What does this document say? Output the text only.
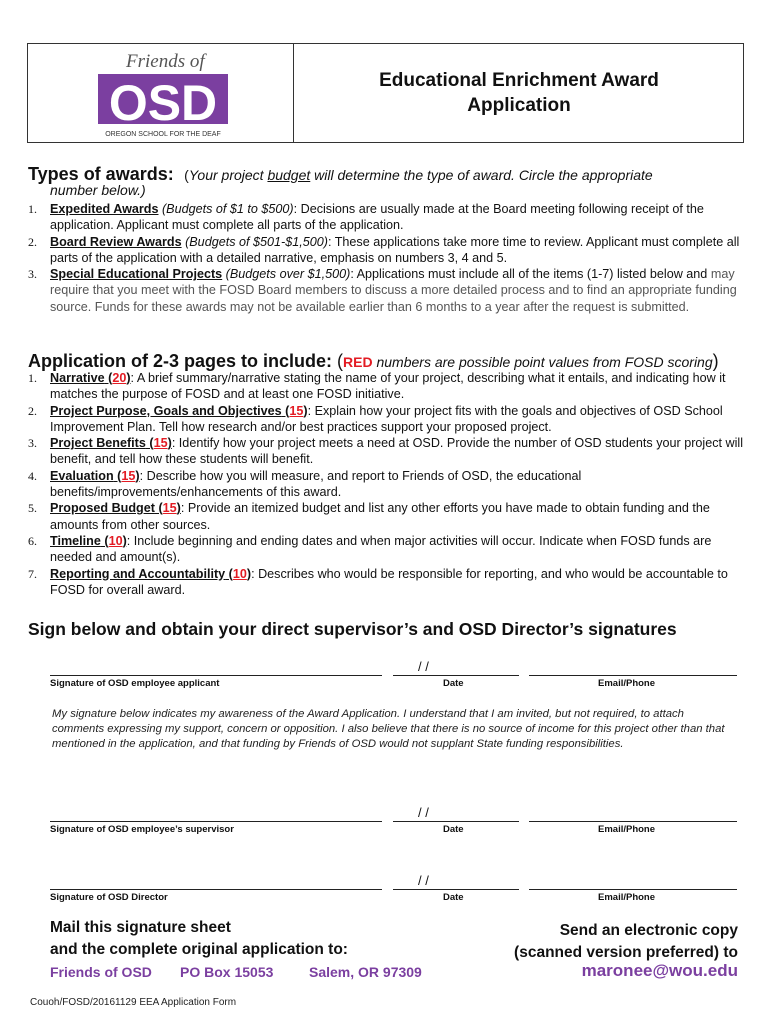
Friends of
OSD
OREGON SCHOOL FOR THE DEAF
Educational Enrichment Award
Application
Types of awards: (Your project budget will determine the type of award. Circle the appropriate
number below.)
1.	Expedited Awards (Budgets of $1 to $500): Decisions are usually made at the Board meeting following receipt of the application. Applicant must complete all parts of the application.
2.	Board Review Awards (Budgets of $501-$1,500): These applications take more time to review. Applicant must complete all parts of the application with a detailed narrative, emphasis on numbers 3, 4 and 5.
3.	Special Educational Projects (Budgets over $1,500): Applications must include all of the items (1-7) listed below and may require that you meet with the FOSD Board members to discuss a more detailed process and to find an appropriate funding source. Funds for these awards may not be available earlier than 6 months to a year after the request is submitted.
Application of 2-3 pages to include: (RED numbers are possible point values from FOSD scoring)
1.	Narrative (20): A brief summary/narrative stating the name of your project, describing what it entails, and indicating how it matches the purpose of FOSD and at least one FOSD initiative.
2.	Project Purpose, Goals and Objectives (15): Explain how your project fits with the goals and objectives of OSD School Improvement Plan. Tell how research and/or best practices support your proposed project.
3.	Project Benefits (15): Identify how your project meets a need at OSD. Provide the number of OSD students your project will benefit, and tell how these students will benefit.
4.	Evaluation (15): Describe how you will measure, and report to Friends of OSD, the educational benefits/improvements/enhancements of this award.
5.	Proposed Budget (15): Provide an itemized budget and list any other efforts you have made to obtain funding and the amounts from other sources.
6.	Timeline (10): Include beginning and ending dates and when major activities will occur. Indicate when FOSD funds are needed and amount(s).
7.	Reporting and Accountability (10): Describes who would be responsible for reporting, and who would be accountable to FOSD for overall award.
Sign below and obtain your direct supervisor’s and OSD Director’s signatures
/ /
Signature of OSD employee applicant	Date	Email/Phone
My signature below indicates my awareness of the Award Application. I understand that I am invited, but not required, to attach comments expressing my support, concern or opposition. I also believe that there is no source of income for this project other than that mentioned in the application, and that funding by Friends of OSD would not supplant State funding responsibilities.
/ /
Signature of OSD employee’s supervisor	Date	Email/Phone
/ /
Signature of OSD Director	Date	Email/Phone
Mail this signature sheet
and the complete original application to:
Friends of OSD PO Box 15053	Salem, OR 97309
Send an electronic copy
(scanned version preferred) to
maronee@wou.edu
Couoh/FOSD/20161129 EEA Application Form
